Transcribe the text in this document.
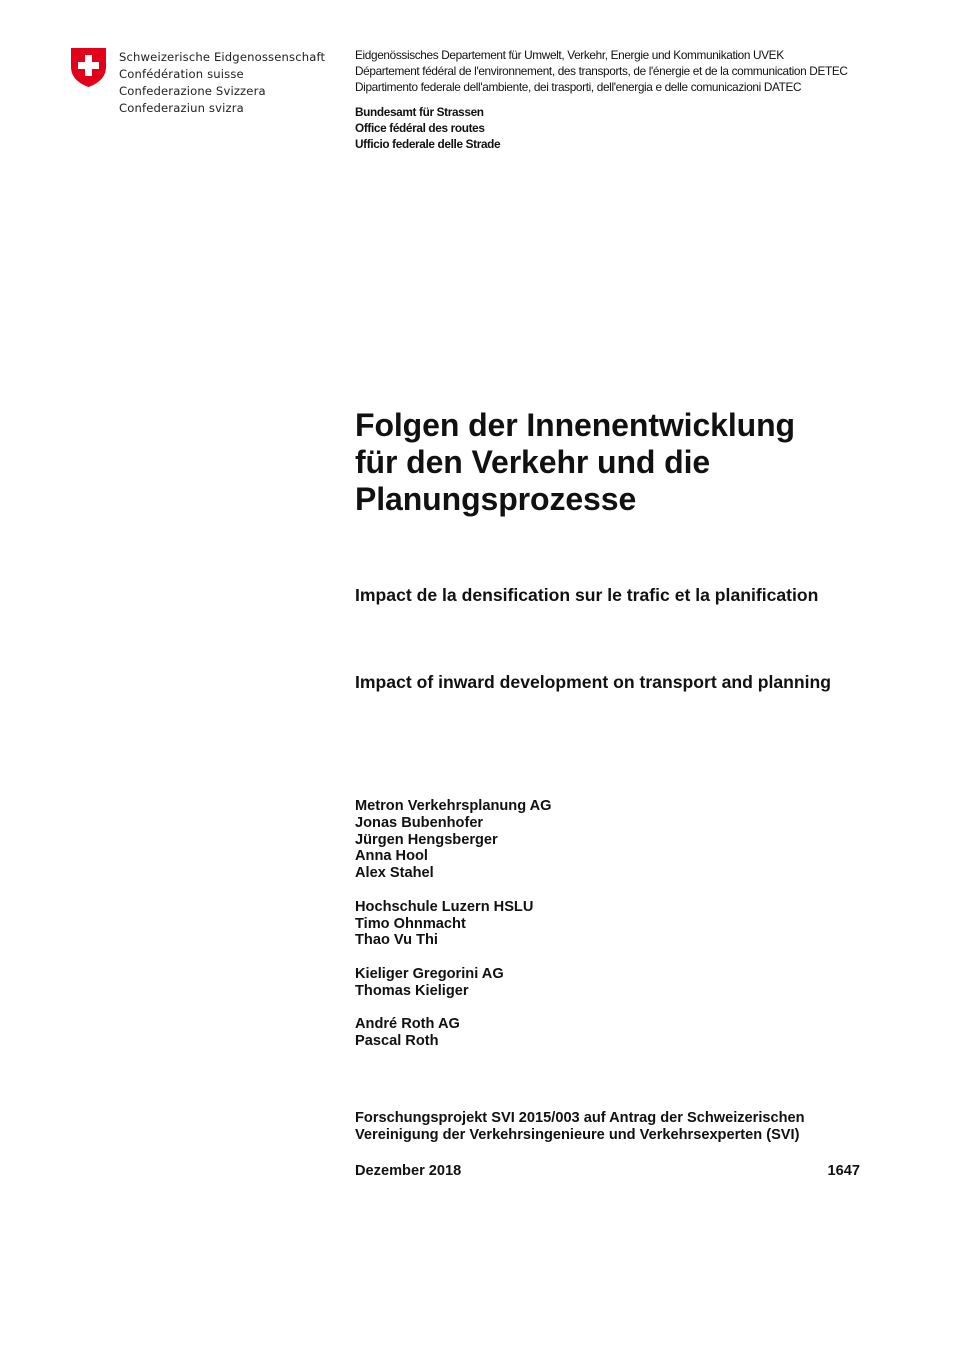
Schweizerische Eidgenossenschaft
Confédération suisse
Confederazione Svizzera
Confederaziun svizra
Eidgenössisches Departement für Umwelt, Verkehr, Energie und Kommunikation UVEK
Département fédéral de l'environnement, des transports, de l'énergie et de la communication DETEC
Dipartimento federale dell'ambiente, dei trasporti, dell'energia e delle comunicazioni DATEC
Bundesamt für Strassen
Office fédéral des routes
Ufficio federale delle Strade
Folgen der Innenentwicklung
für den Verkehr und die
Planungsprozesse
Impact de la densification sur le trafic et la planification
Impact of inward development on transport and planning
Metron Verkehrsplanung AG
Jonas Bubenhofer
Jürgen Hengsberger
Anna Hool
Alex Stahel
Hochschule Luzern HSLU
Timo Ohnmacht
Thao Vu Thi
Kieliger Gregorini AG
Thomas Kieliger
André Roth AG
Pascal Roth
Forschungsprojekt SVI 2015/003 auf Antrag der Schweizerischen
Vereinigung der Verkehrsingenieure und Verkehrsexperten (SVI)
Dezember 2018	1647
